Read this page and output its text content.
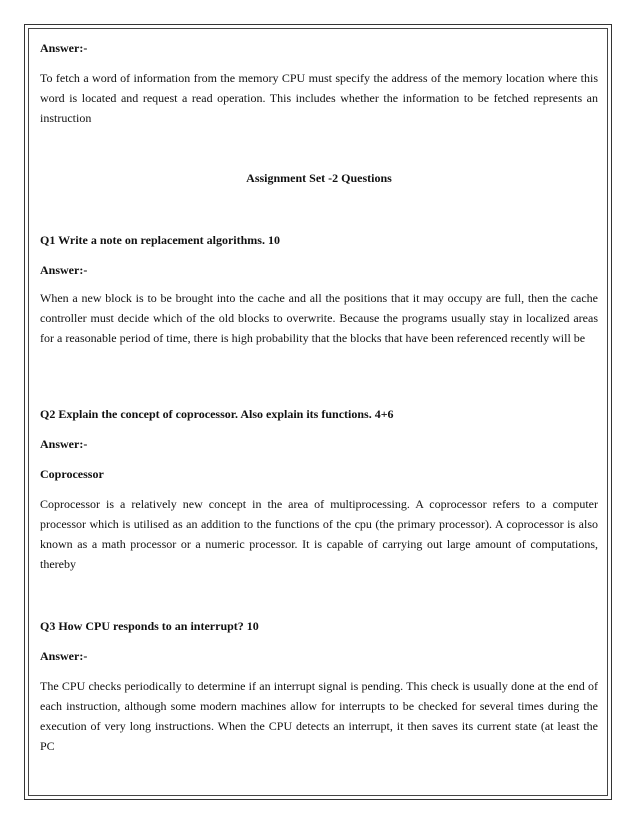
Answer:-

To fetch a word of information from the memory CPU must specify the address of the memory location where this word is located and request a read operation. This includes whether the information to be fetched represents an instruction

Assignment Set -2 Questions

Q1 Write a note on replacement algorithms. 10

Answer:-

When a new block is to be brought into the cache and all the positions that it may occupy are full, then the cache controller must decide which of the old blocks to overwrite. Because the programs usually stay in localized areas for a reasonable period of time, there is high probability that the blocks that have been referenced recently will be

Q2 Explain the concept of coprocessor. Also explain its functions. 4+6

Answer:-

Coprocessor

Coprocessor is a relatively new concept in the area of multiprocessing. A coprocessor refers to a computer processor which is utilised as an addition to the functions of the cpu (the primary processor). A coprocessor is also known as a math processor or a numeric processor. It is capable of carrying out large amount of computations, thereby

Q3 How CPU responds to an interrupt? 10

Answer:-

The CPU checks periodically to determine if an interrupt signal is pending. This check is usually done at the end of each instruction, although some modern machines allow for interrupts to be checked for several times during the execution of very long instructions. When the CPU detects an interrupt, it then saves its current state (at least the PC
